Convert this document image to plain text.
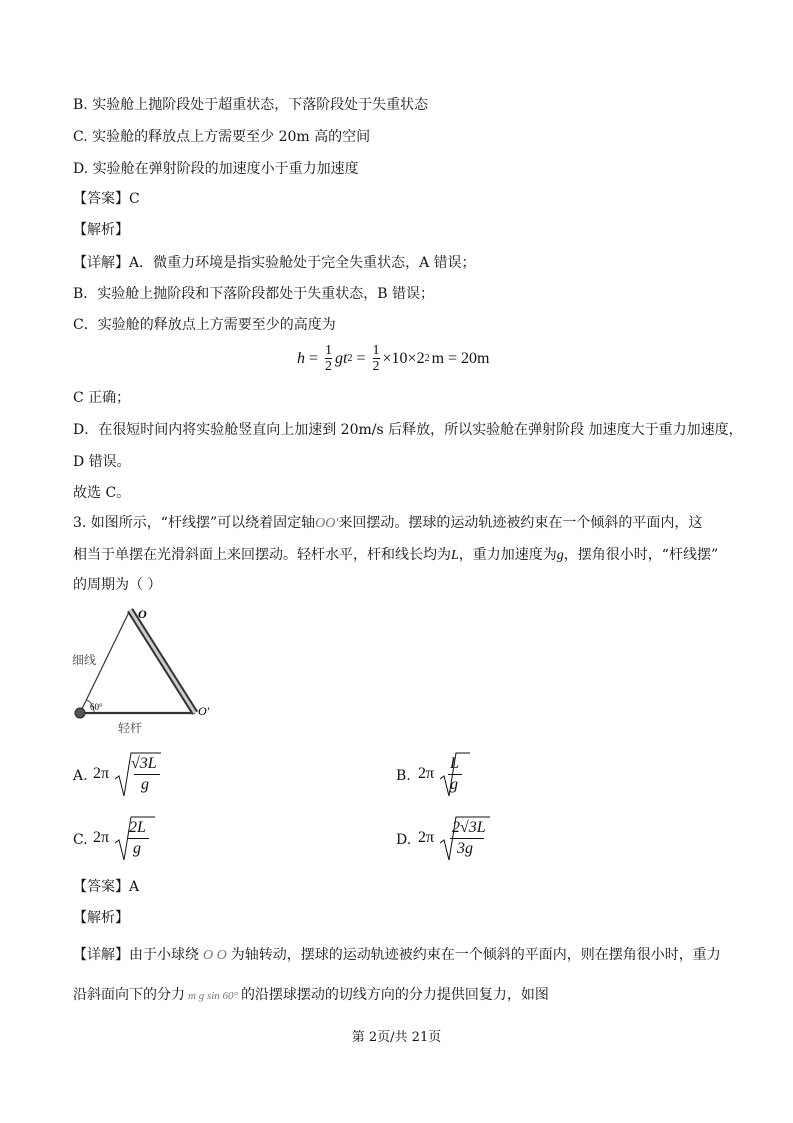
B. 实验舱上抛阶段处于超重状态，下落阶段处于失重状态
C. 实验舱的释放点上方需要至少 20m 高的空间
D. 实验舱在弹射阶段的加速度小于重力加速度
【答案】C
【解析】
【详解】A．微重力环境是指实验舱处于完全失重状态，A 错误；
B．实验舱上抛阶段和下落阶段都处于失重状态，B 错误；
C．实验舱的释放点上方需要至少的高度为
$h = \frac{1}{2}$ gt $2 = \frac{1}{2} \times 10\times 2$ 2 m = 20m
C 正确；
D．在很短时间内将实验舱竖直向上加速到 20m/s 后释放，所以实验舱在弹射阶段 加速度大于重力加速度，
D 错误。
故选 C。
3. 如图所示，“杆线摆”可以绕着固定轴OO′来回摆动。摆球的运动轨迹被约束在一个倾斜的平面内，这
相当于单摆在光滑斜面上来回摆动。轻杆水平，杆和线长均为L，重力加速度为g，摆角很小时，“杆线摆”
的周期为（ ）
O
O′
细线
轻杆
60°
A. 2π
√3L
g	B. 2π
L
g
C. 2π
2L
g	D. 2π
2√3L
3g
【答案】A
【解析】
【详解】由于小球绕 O O 为轴转动，摆球的运动轨迹被约束在一个倾斜的平面内，则在摆角很小时，重力
沿斜面向下的分力 m g sin 60° 的沿摆球摆动的切线方向的分力提供回复力，如图
第 2页/共 21页
